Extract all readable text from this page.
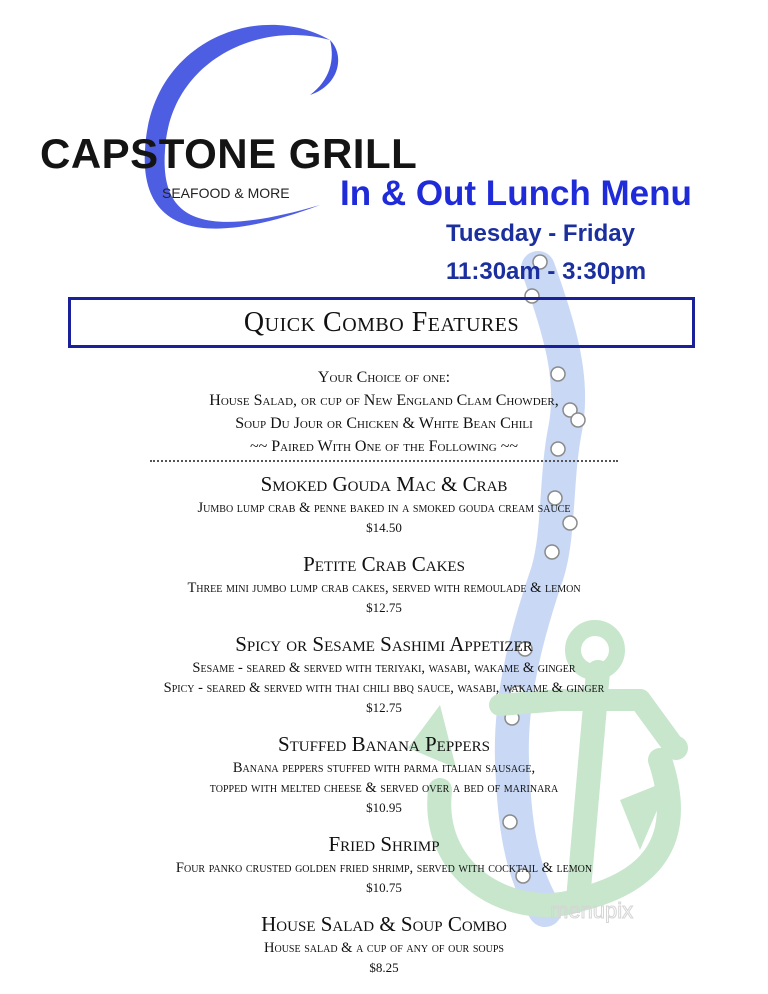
menupix
CAPSTONE GRILL
SEAFOOD & MORE In & Out Lunch Menu
Tuesday - Friday
11:30am - 3:30pm
Quick Combo Features
Your Choice of one:
House Salad, or cup of New England Clam Chowder,
Soup Du Jour or Chicken & White Bean Chili
~~ Paired With One of the Following ~~
Smoked Gouda Mac & Crab
Jumbo lump crab & penne baked in a smoked gouda cream sauce
$14.50
Petite Crab Cakes
Three mini jumbo lump crab cakes, served with remoulade & lemon
$12.75
Spicy or Sesame Sashimi Appetizer
Sesame - seared & served with teriyaki, wasabi, wakame & ginger
Spicy - seared & served with thai chili bbq sauce, wasabi, wakame & ginger
$12.75
Stuffed Banana Peppers
Banana peppers stuffed with parma italian sausage,
topped with melted cheese & served over a bed of marinara
$10.95
Fried Shrimp
Four panko crusted golden fried shrimp, served with cocktail & lemon
$10.75
House Salad & Soup Combo
House salad & a cup of any of our soups
$8.25
